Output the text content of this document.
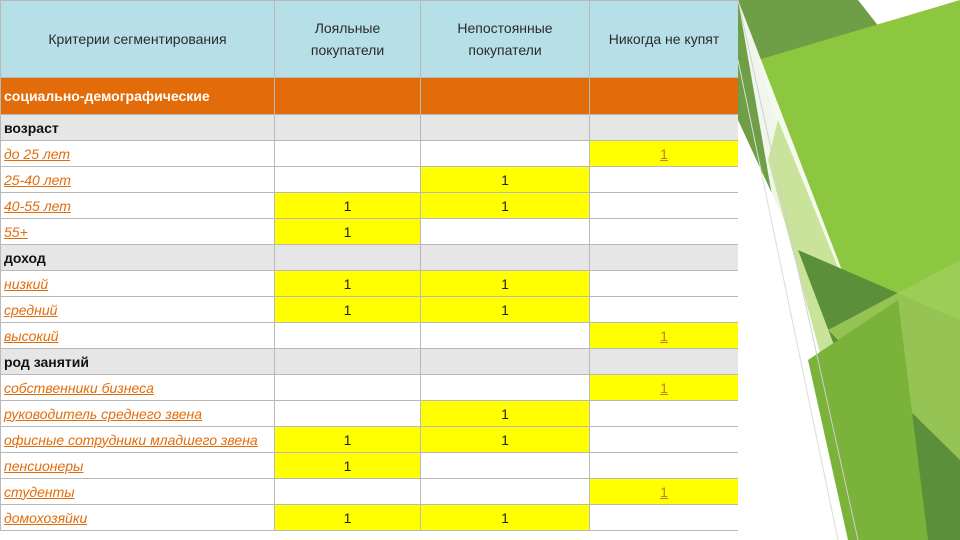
Критерии сегментирования	Лояльные покупатели	Непостоянные покупатели	Никогда не купят
социально-демографические			
возраст			
до 25 лет			1
25-40 лет		1	
40-55 лет	1	1	
55+	1		
доход			
низкий	1	1	
средний	1	1	
высокий			1
род занятий			
собственники бизнеса			1
руководитель среднего звена		1	
офисные сотрудники младшего звена	1	1	
пенсионеры	1		
студенты			1
домохозяйки	1	1	
